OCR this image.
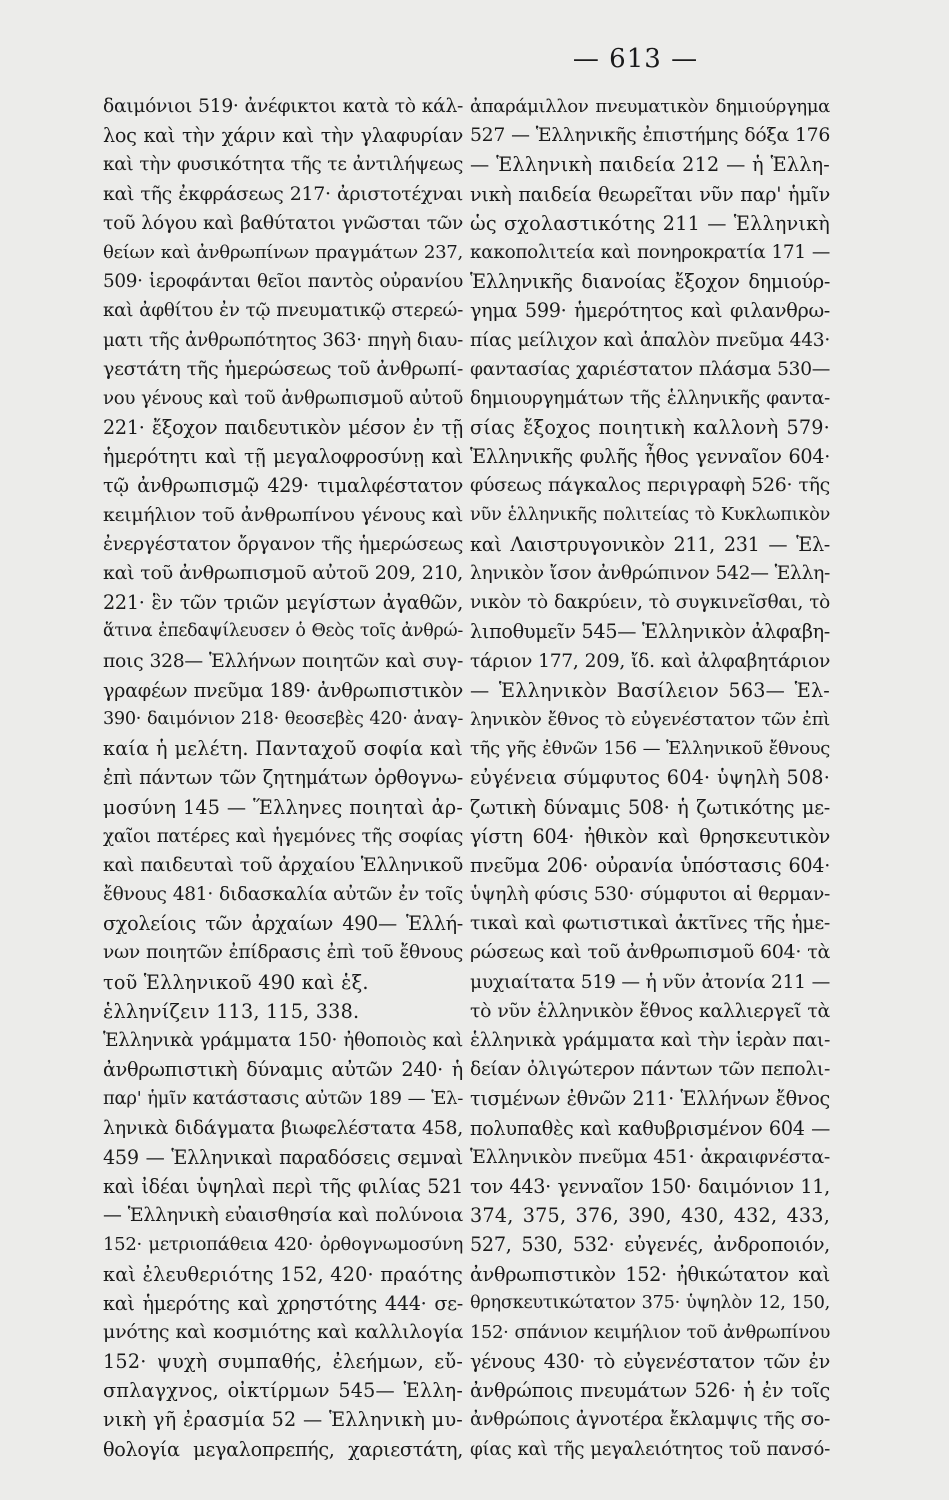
— 613 —
δαιμόνιοι 519· ἀνέφικτοι κατὰ τὸ κάλ-
λος καὶ τὴν χάριν καὶ τὴν γλαφυρίαν
καὶ τὴν φυσικότητα τῆς τε ἀντιλήψεως
καὶ τῆς ἐκφράσεως 217· ἀριστοτέχναι
τοῦ λόγου καὶ βαθύτατοι γνῶσται τῶν
θείων καὶ ἀνθρωπίνων πραγμάτων 237,
509· ἱεροφάνται θεῖοι παντὸς οὐρανίου
καὶ ἀφθίτου ἐν τῷ πνευματικῷ στερεώ-
ματι τῆς ἀνθρωπότητος 363· πηγὴ διαυ-
γεστάτη τῆς ἡμερώσεως τοῦ ἀνθρωπί-
νου γένους καὶ τοῦ ἀνθρωπισμοῦ αὐτοῦ
221· ἔξοχον παιδευτικὸν μέσον ἐν τῇ
ἡμερότητι καὶ τῇ μεγαλοφροσύνῃ καὶ
τῷ ἀνθρωπισμῷ 429· τιμαλφέστατον
κειμήλιον τοῦ ἀνθρωπίνου γένους καὶ
ἐνεργέστατον ὄργανον τῆς ἡμερώσεως
καὶ τοῦ ἀνθρωπισμοῦ αὐτοῦ 209, 210,
221· ἓν τῶν τριῶν μεγίστων ἀγαθῶν,
ἅτινα ἐπεδαψίλευσεν ὁ Θεὸς τοῖς ἀνθρώ-
ποις 328— Ἑλλήνων ποιητῶν καὶ συγ-
γραφέων πνεῦμα 189· ἀνθρωπιστικὸν
390· δαιμόνιον 218· θεοσεβὲς 420· ἀναγ-
καία ἡ μελέτη. Πανταχοῦ σοφία καὶ
ἐπὶ πάντων τῶν ζητημάτων ὀρθογνω-
μοσύνη 145 — Ἕλληνες ποιηταὶ ἀρ-
χαῖοι πατέρες καὶ ἡγεμόνες τῆς σοφίας
καὶ παιδευταὶ τοῦ ἀρχαίου Ἑλληνικοῦ
ἔθνους 481· διδασκαλία αὐτῶν ἐν τοῖς
σχολείοις τῶν ἀρχαίων 490— Ἑλλή-
νων ποιητῶν ἐπίδρασις ἐπὶ τοῦ ἔθνους
τοῦ Ἑλληνικοῦ 490 καὶ ἑξ.
ἑλληνίζειν 113, 115, 338.
Ἑλληνικὰ γράμματα 150· ἠθοποιὸς καὶ
ἀνθρωπιστικὴ δύναμις αὐτῶν 240· ἡ
παρ' ἡμῖν κατάστασις αὐτῶν 189 — Ἑλ-
ληνικὰ διδάγματα βιωφελέστατα 458,
459 — Ἑλληνικαὶ παραδόσεις σεμναὶ
καὶ ἰδέαι ὑψηλαὶ περὶ τῆς φιλίας 521
— Ἑλληνικὴ εὐαισθησία καὶ πολύνοια
152· μετριοπάθεια 420· ὀρθογνωμοσύνη
καὶ ἐλευθεριότης 152, 420· πραότης
καὶ ἡμερότης καὶ χρηστότης 444· σε-
μνότης καὶ κοσμιότης καὶ καλλιλογία
152· ψυχὴ συμπαθής, ἐλεήμων, εὔ-
σπλαγχνος, οἰκτίρμων 545— Ἑλλη-
νικὴ γῆ ἐρασμία 52 — Ἑλληνικὴ μυ-
θολογία μεγαλοπρεπής, χαριεστάτη,
ἀπαράμιλλον πνευματικὸν δημιούργημα
527 — Ἑλληνικῆς ἐπιστήμης δόξα 176
— Ἑλληνικὴ παιδεία 212 — ἡ Ἑλλη-
νικὴ παιδεία θεωρεῖται νῦν παρ' ἡμῖν
ὡς σχολαστικότης 211 — Ἑλληνικὴ
κακοπολιτεία καὶ πονηροκρατία 171 —
Ἑλληνικῆς διανοίας ἔξοχον δημιούρ-
γημα 599· ἡμερότητος καὶ φιλανθρω-
πίας μείλιχον καὶ ἁπαλὸν πνεῦμα 443·
φαντασίας χαριέστατον πλάσμα 530—
δημιουργημάτων τῆς ἑλληνικῆς φαντα-
σίας ἔξοχος ποιητικὴ καλλονὴ 579·
Ἑλληνικῆς φυλῆς ἦθος γενναῖον 604·
φύσεως πάγκαλος περιγραφὴ 526· τῆς
νῦν ἑλληνικῆς πολιτείας τὸ Κυκλωπικὸν
καὶ Λαιστρυγονικὸν 211, 231 — Ἑλ-
ληνικὸν ἴσον ἀνθρώπινον 542— Ἑλλη-
νικὸν τὸ δακρύειν, τὸ συγκινεῖσθαι, τὸ
λιποθυμεῖν 545— Ἑλληνικὸν ἀλφαβη-
τάριον 177, 209, ἴδ. καὶ ἀλφαβητάριον
— Ἑλληνικὸν Βασίλειον 563— Ἑλ-
ληνικὸν ἔθνος τὸ εὐγενέστατον τῶν ἐπὶ
τῆς γῆς ἐθνῶν 156 — Ἑλληνικοῦ ἔθνους
εὐγένεια σύμφυτος 604· ὑψηλὴ 508·
ζωτικὴ δύναμις 508· ἡ ζωτικότης με-
γίστη 604· ἠθικὸν καὶ θρησκευτικὸν
πνεῦμα 206· οὐρανία ὑπόστασις 604·
ὑψηλὴ φύσις 530· σύμφυτοι αἱ θερμαν-
τικαὶ καὶ φωτιστικαὶ ἀκτῖνες τῆς ἡμε-
ρώσεως καὶ τοῦ ἀνθρωπισμοῦ 604· τὰ
μυχιαίτατα 519 — ἡ νῦν ἀτονία 211 —
τὸ νῦν ἑλληνικὸν ἔθνος καλλιεργεῖ τὰ
ἑλληνικὰ γράμματα καὶ τὴν ἱερὰν παι-
δείαν ὀλιγώτερον πάντων τῶν πεπολι-
τισμένων ἐθνῶν 211· Ἑλλήνων ἔθνος
πολυπαθὲς καὶ καθυβρισμένον 604 —
Ἑλληνικὸν πνεῦμα 451· ἀκραιφνέστα-
τον 443· γενναῖον 150· δαιμόνιον 11,
374, 375, 376, 390, 430, 432, 433,
527, 530, 532· εὐγενές, ἀνδροποιόν,
ἀνθρωπιστικὸν 152· ἠθικώτατον καὶ
θρησκευτικώτατον 375· ὑψηλὸν 12, 150,
152· σπάνιον κειμήλιον τοῦ ἀνθρωπίνου
γένους 430· τὸ εὐγενέστατον τῶν ἐν
ἀνθρώποις πνευμάτων 526· ἡ ἐν τοῖς
ἀνθρώποις ἀγνοτέρα ἔκλαμψις τῆς σο-
φίας καὶ τῆς μεγαλειότητος τοῦ πανσό-
